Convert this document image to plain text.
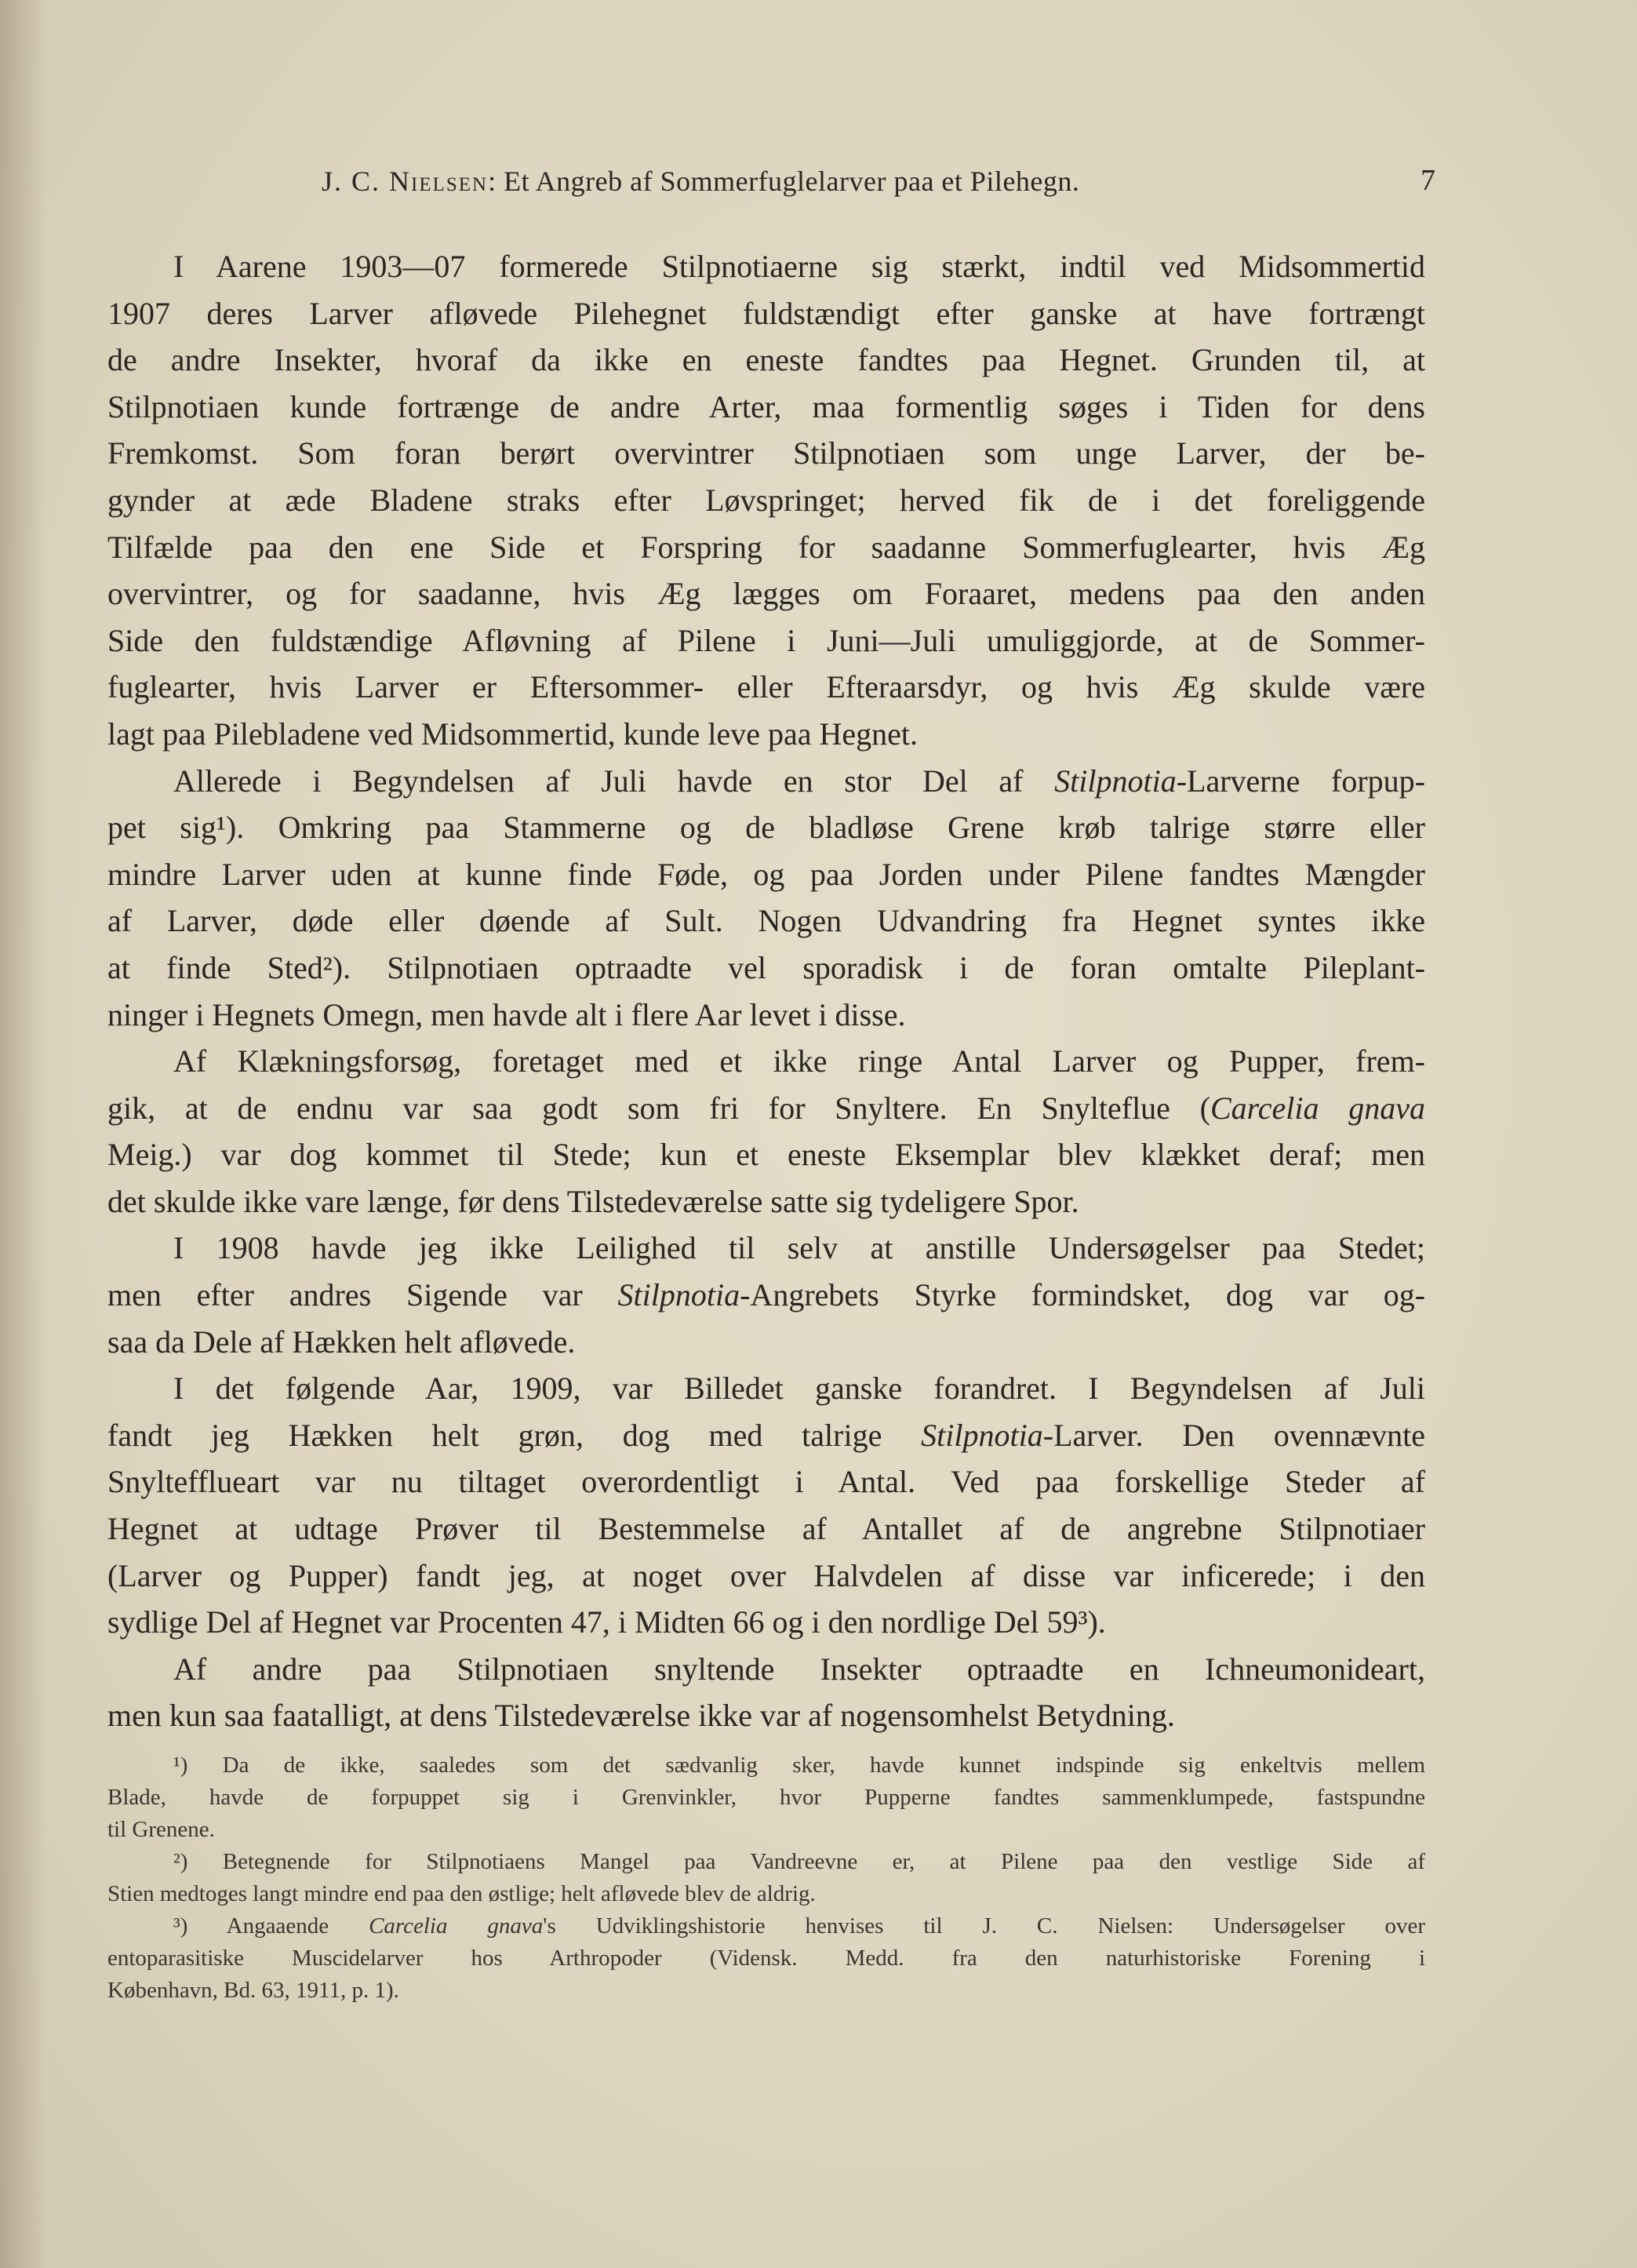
J. C. Nielsen: Et Angreb af Sommerfuglelarver paa et Pilehegn.	7
I Aarene 1903—07 formerede Stilpnotiaerne sig stærkt, indtil ved Midsommertid
1907 deres Larver afløvede Pilehegnet fuldstændigt efter ganske at have fortrængt
de andre Insekter, hvoraf da ikke en eneste fandtes paa Hegnet. Grunden til, at
Stilpnotiaen kunde fortrænge de andre Arter, maa formentlig søges i Tiden for dens
Fremkomst. Som foran berørt overvintrer Stilpnotiaen som unge Larver, der be-
gynder at æde Bladene straks efter Løvspringet; herved fik de i det foreliggende
Tilfælde paa den ene Side et Forspring for saadanne Sommerfuglearter, hvis Æg
overvintrer, og for saadanne, hvis Æg lægges om Foraaret, medens paa den anden
Side den fuldstændige Afløvning af Pilene i Juni—Juli umuliggjorde, at de Sommer-
fuglearter, hvis Larver er Eftersommer- eller Efteraarsdyr, og hvis Æg skulde være
lagt paa Pilebladene ved Midsommertid, kunde leve paa Hegnet.
Allerede i Begyndelsen af Juli havde en stor Del af Stilpnotia-Larverne forpup-
pet sig¹). Omkring paa Stammerne og de bladløse Grene krøb talrige større eller
mindre Larver uden at kunne finde Føde, og paa Jorden under Pilene fandtes Mængder
af Larver, døde eller døende af Sult. Nogen Udvandring fra Hegnet syntes ikke
at finde Sted²). Stilpnotiaen optraadte vel sporadisk i de foran omtalte Pileplant-
ninger i Hegnets Omegn, men havde alt i flere Aar levet i disse.
Af Klækningsforsøg, foretaget med et ikke ringe Antal Larver og Pupper, frem-
gik, at de endnu var saa godt som fri for Snyltere. En Snylteflue (Carcelia gnava
Meig.) var dog kommet til Stede; kun et eneste Eksemplar blev klækket deraf; men
det skulde ikke vare længe, før dens Tilstedeværelse satte sig tydeligere Spor.
I 1908 havde jeg ikke Leilighed til selv at anstille Undersøgelser paa Stedet;
men efter andres Sigende var Stilpnotia-Angrebets Styrke formindsket, dog var og-
saa da Dele af Hækken helt afløvede.
I det følgende Aar, 1909, var Billedet ganske forandret. I Begyndelsen af Juli
fandt jeg Hækken helt grøn, dog med talrige Stilpnotia-Larver. Den ovennævnte
Snyltefflueart var nu tiltaget overordentligt i Antal. Ved paa forskellige Steder af
Hegnet at udtage Prøver til Bestemmelse af Antallet af de angrebne Stilpnotiaer
(Larver og Pupper) fandt jeg, at noget over Halvdelen af disse var inficerede; i den
sydlige Del af Hegnet var Procenten 47, i Midten 66 og i den nordlige Del 59³).
Af andre paa Stilpnotiaen snyltende Insekter optraadte en Ichneumonideart,
men kun saa faatalligt, at dens Tilstedeværelse ikke var af nogensomhelst Betydning.
¹) Da de ikke, saaledes som det sædvanlig sker, havde kunnet indspinde sig enkeltvis mellem
Blade, havde de forpuppet sig i Grenvinkler, hvor Pupperne fandtes sammenklumpede, fastspundne
til Grenene.
²) Betegnende for Stilpnotiaens Mangel paa Vandreevne er, at Pilene paa den vestlige Side af
Stien medtoges langt mindre end paa den østlige; helt afløvede blev de aldrig.
³) Angaaende Carcelia gnava's Udviklingshistorie henvises til J. C. Nielsen: Undersøgelser over
entoparasitiske Muscidelarver hos Arthropoder (Vidensk. Medd. fra den naturhistoriske Forening i
København, Bd. 63, 1911, p. 1).
